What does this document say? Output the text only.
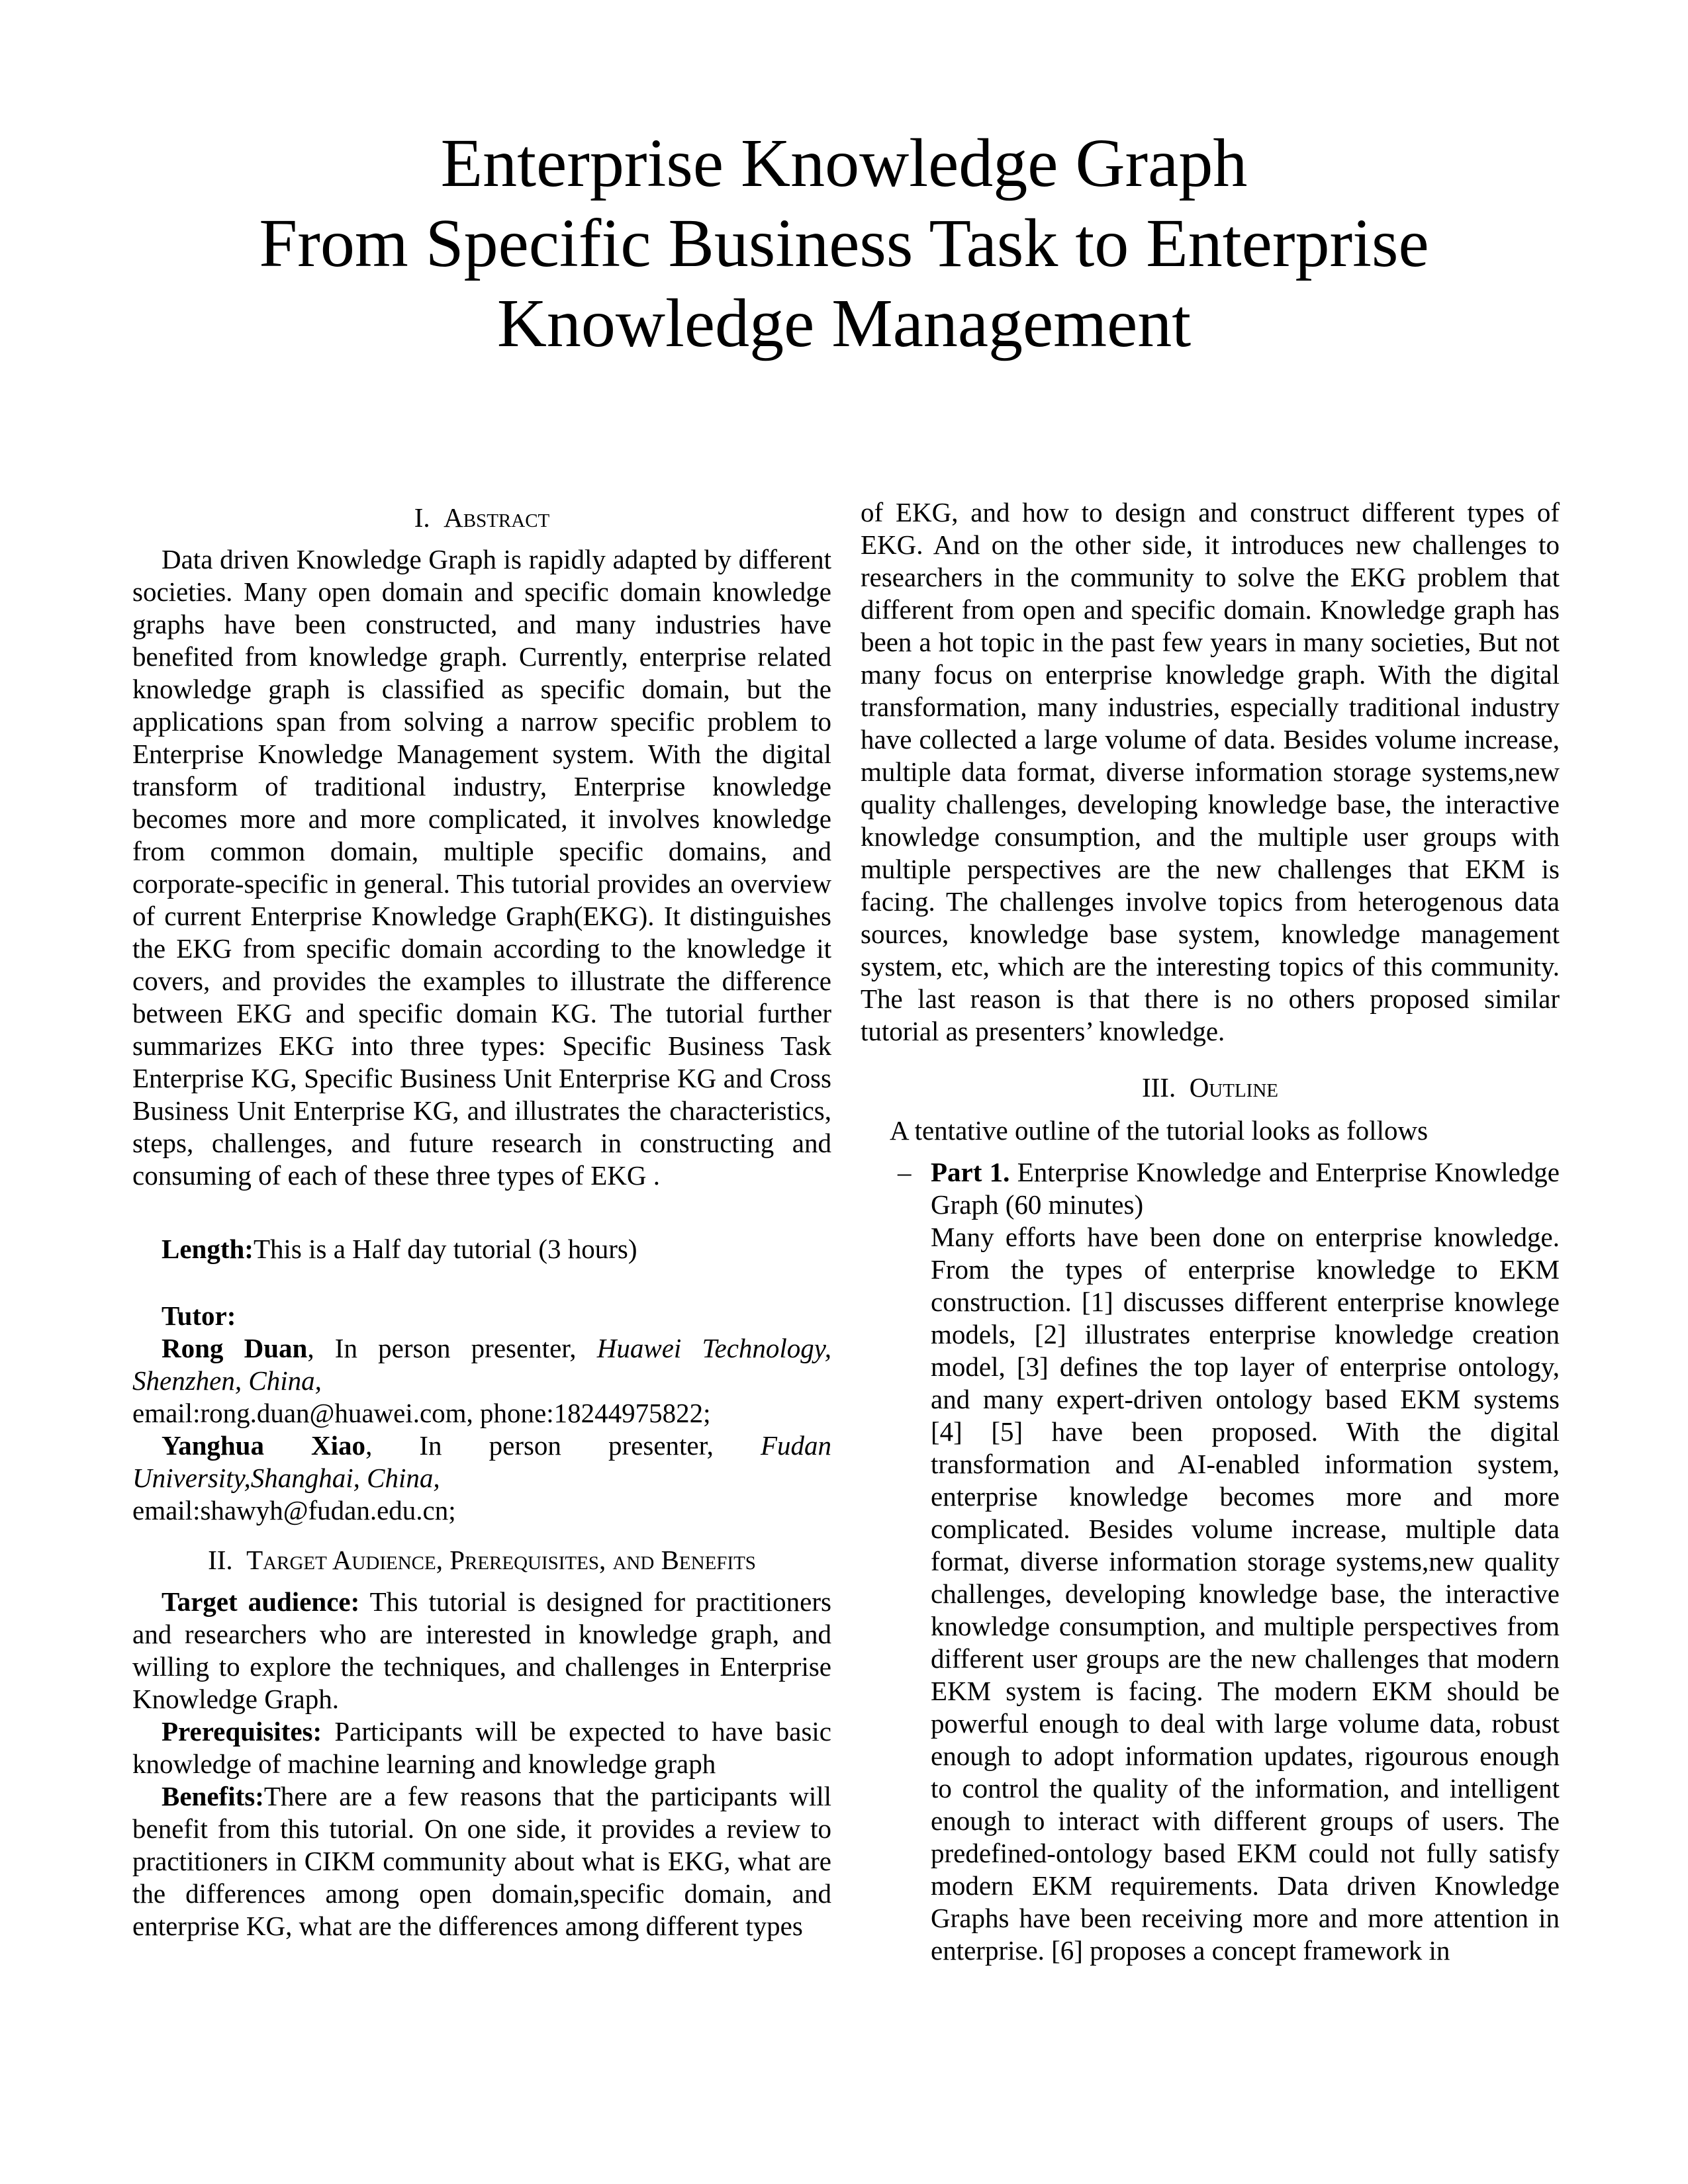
Enterprise Knowledge Graph
From Specific Business Task to Enterprise
Knowledge Management
I. Abstract
Data driven Knowledge Graph is rapidly adapted by different societies. Many open domain and specific domain knowledge graphs have been constructed, and many industries have benefited from knowledge graph. Currently, enterprise related knowledge graph is classified as specific domain, but the applications span from solving a narrow specific problem to Enterprise Knowledge Management system. With the digital transform of traditional industry, Enterprise knowledge becomes more and more complicated, it involves knowledge from common domain, multiple specific domains, and corporate-specific in general. This tutorial provides an overview of current Enterprise Knowledge Graph(EKG). It distinguishes the EKG from specific domain according to the knowledge it covers, and provides the examples to illustrate the difference between EKG and specific domain KG. The tutorial further summarizes EKG into three types: Specific Business Task Enterprise KG, Specific Business Unit Enterprise KG and Cross Business Unit Enterprise KG, and illustrates the characteristics, steps, challenges, and future research in constructing and consuming of each of these three types of EKG .
Length:This is a Half day tutorial (3 hours)
Tutor:
Rong Duan, In person presenter, Huawei Technology, Shenzhen, China,
email:rong.duan@huawei.com, phone:18244975822;
Yanghua Xiao, In person presenter, Fudan University,Shanghai, China,
email:shawyh@fudan.edu.cn;
II. Target Audience, Prerequisites, and Benefits
Target audience: This tutorial is designed for practitioners and researchers who are interested in knowledge graph, and willing to explore the techniques, and challenges in Enterprise Knowledge Graph.
Prerequisites: Participants will be expected to have basic knowledge of machine learning and knowledge graph
Benefits:There are a few reasons that the participants will benefit from this tutorial. On one side, it provides a review to practitioners in CIKM community about what is EKG, what are the differences among open domain,specific domain, and enterprise KG, what are the differences among different types
of EKG, and how to design and construct different types of EKG. And on the other side, it introduces new challenges to researchers in the community to solve the EKG problem that different from open and specific domain. Knowledge graph has been a hot topic in the past few years in many societies, But not many focus on enterprise knowledge graph. With the digital transformation, many industries, especially traditional industry have collected a large volume of data. Besides volume increase, multiple data format, diverse information storage systems,new quality challenges, developing knowledge base, the interactive knowledge consumption, and the multiple user groups with multiple perspectives are the new challenges that EKM is facing. The challenges involve topics from heterogenous data sources, knowledge base system, knowledge management system, etc, which are the interesting topics of this community. The last reason is that there is no others proposed similar tutorial as presenters’ knowledge.
III. Outline
A tentative outline of the tutorial looks as follows
– Part 1. Enterprise Knowledge and Enterprise Knowledge Graph (60 minutes)
Many efforts have been done on enterprise knowledge. From the types of enterprise knowledge to EKM construction. [1] discusses different enterprise knowlege models, [2] illustrates enterprise knowledge creation model, [3] defines the top layer of enterprise ontology, and many expert-driven ontology based EKM systems [4] [5] have been proposed. With the digital transformation and AI-enabled information system, enterprise knowledge becomes more and more complicated. Besides volume increase, multiple data format, diverse information storage systems,new quality challenges, developing knowledge base, the interactive knowledge consumption, and multiple perspectives from different user groups are the new challenges that modern EKM system is facing. The modern EKM should be powerful enough to deal with large volume data, robust enough to adopt information updates, rigourous enough to control the quality of the information, and intelligent enough to interact with different groups of users. The predefined-ontology based EKM could not fully satisfy modern EKM requirements. Data driven Knowledge Graphs have been receiving more and more attention in enterprise. [6] proposes a concept framework in
